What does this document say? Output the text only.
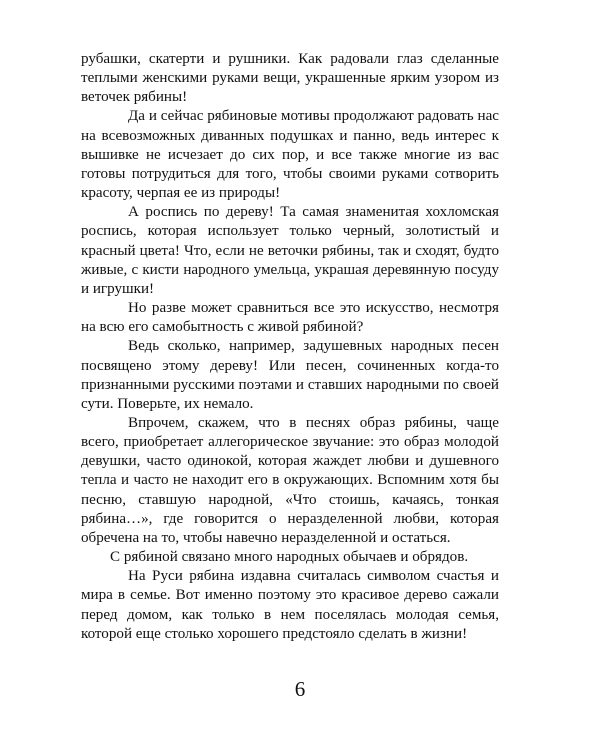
рубашки, скатерти и рушники. Как радовали глаз сделанные теплыми женскими руками вещи, украшенные ярким узором из веточек рябины!

Да и сейчас рябиновые мотивы продолжают радовать нас на всевозможных диванных подушках и панно, ведь интерес к вышивке не исчезает до сих пор, и все также многие из вас готовы потрудиться для того, чтобы своими руками сотворить красоту, черпая ее из природы!

А роспись по дереву! Та самая знаменитая хохломская роспись, которая использует только черный, золотистый и красный цвета! Что, если не веточки рябины, так и сходят, будто живые, с кисти народного умельца, украшая деревянную посуду и игрушки!

Но разве может сравниться все это искусство, несмотря на всю его самобытность с живой рябиной?

Ведь сколько, например, задушевных народных песен посвящено этому дереву! Или песен, сочиненных когда-то признанными русскими поэтами и ставших народными по своей сути. Поверьте, их немало.

Впрочем, скажем, что в песнях образ рябины, чаще всего, приобретает аллегорическое звучание: это образ молодой девушки, часто одинокой, которая жаждет любви и душевного тепла и часто не находит его в окружающих. Вспомним хотя бы песню, ставшую народной, «Что стоишь, качаясь, тонкая рябина…», где говорится о неразделенной любви, которая обречена на то, чтобы навечно неразделенной и остаться.

С рябиной связано много народных обычаев и обрядов.

На Руси рябина издавна считалась символом счастья и мира в семье. Вот именно поэтому это красивое дерево сажали перед домом, как только в нем поселялась молодая семья, которой еще столько хорошего предстояло сделать в жизни!

6
